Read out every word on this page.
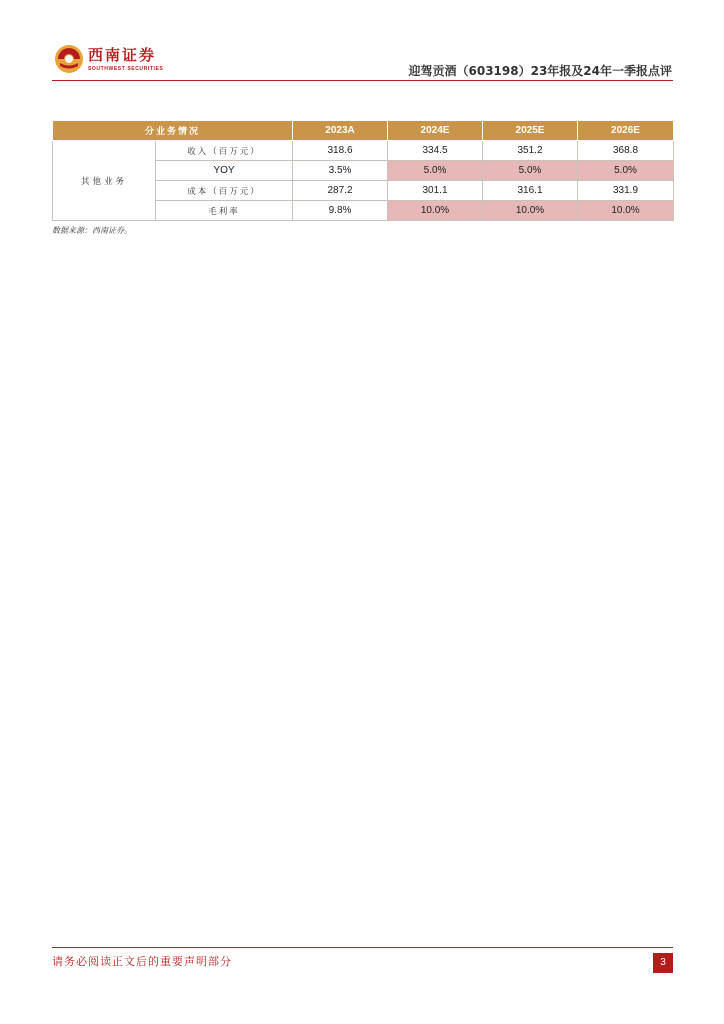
西南证券
SOUTHWEST SECURITIES	迎驾贡酒（603198）23年报及24年一季报点评
分业务情况		2023A	2024E	2025E	2026E
其他业务	收入（百万元）	318.6	334.5	351.2	368.8
	YOY	3.5%	5.0%	5.0%	5.0%
	成本（百万元）	287.2	301.1	316.1	331.9
	毛利率	9.8%	10.0%	10.0%	10.0%
数据来源：西南证券。
请务必阅读正文后的重要声明部分	3
